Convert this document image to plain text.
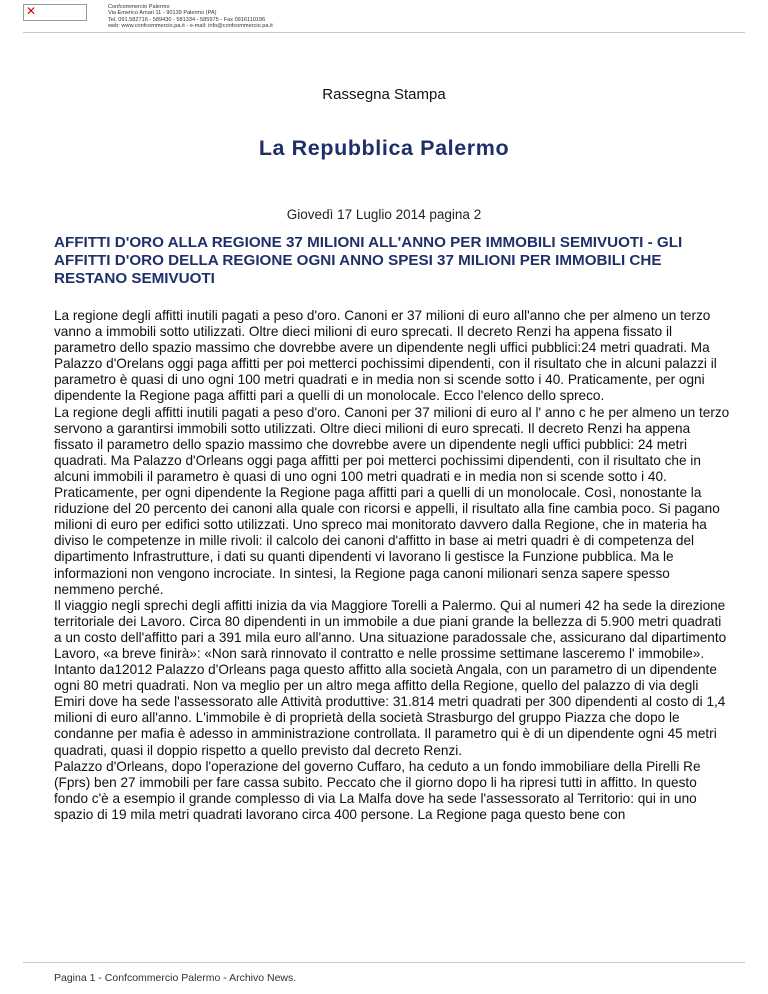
✕	Confcommercio Palermo
Via Emerico Amari 11 - 90139 Palermo (PA)
Tel. 091.582716 - 589430 - 581334 - 585975 - Fax 0916110196
web: www.confcommercio.pa.it - e-mail: info@confcommercio.pa.it
Rassegna Stampa
La Repubblica Palermo
Giovedì 17 Luglio 2014 pagina 2
AFFITTI D'ORO ALLA REGIONE 37 MILIONI ALL'ANNO PER IMMOBILI SEMIVUOTI - GLI AFFITTI D'ORO DELLA REGIONE OGNI ANNO SPESI 37 MILIONI PER IMMOBILI CHE RESTANO SEMIVUOTI

La regione degli affitti inutili pagati a peso d'oro. Canoni er 37 milioni di euro all'anno che per almeno un terzo vanno a immobili sotto utilizzati. Oltre dieci milioni di euro sprecati. Il decreto Renzi ha appena fissato il parametro dello spazio massimo che dovrebbe avere un dipendente negli uffici pubblici:24 metri quadrati. Ma Palazzo d'Orelans oggi paga affitti per poi metterci pochissimi dipendenti, con il risultato che in alcuni palazzi il parametro è quasi di uno ogni 100 metri quadrati e in media non si scende sotto i 40. Praticamente, per ogni dipendente la Regione paga affitti pari a quelli di un monolocale. Ecco l'elenco dello spreco.

La regione degli affitti inutili pagati a peso d'oro. Canoni per 37 milioni di euro al l' anno c he per almeno un terzo servono a garantirsi immobili sotto utilizzati. Oltre dieci milioni di euro sprecati. Il decreto Renzi ha appena fissato il parametro dello spazio massimo che dovrebbe avere un dipendente negli uffici pubblici: 24 metri quadrati. Ma Palazzo d'Orleans oggi paga affitti per poi metterci pochissimi dipendenti, con il risultato che in alcuni immobili il parametro è quasi di uno ogni 100 metri quadrati e in media non si scende sotto i 40. Praticamente, per ogni dipendente la Regione paga affitti pari a quelli di un monolocale. Così, nonostante la riduzione del 20 percento dei canoni alla quale con ricorsi e appelli, il risultato alla fine cambia poco. Si pagano milioni di euro per edifici sotto utilizzati. Uno spreco mai monitorato davvero dalla Regione, che in materia ha diviso le competenze in mille rivoli: il calcolo dei canoni d'affitto in base ai metri quadri è di competenza del dipartimento Infrastrutture, i dati su quanti dipendenti vi lavorano li gestisce la Funzione pubblica. Ma le informazioni non vengono incrociate. In sintesi, la Regione paga canoni milionari senza sapere spesso nemmeno perché.

Il viaggio negli sprechi degli affitti inizia da via Maggiore Torelli a Palermo. Qui al numeri 42 ha sede la direzione territoriale dei Lavoro. Circa 80 dipendenti in un immobile a due piani grande la bellezza di 5.900 metri quadrati a un costo dell'affitto pari a 391 mila euro all'anno. Una situazione paradossale che, assicurano dal dipartimento Lavoro, «a breve finirà»: «Non sarà rinnovato il contratto e nelle prossime settimane lasceremo l' immobile». Intanto da12012 Palazzo d'Orleans paga questo affitto alla società Angala, con un parametro di un dipendente ogni 80 metri quadrati. Non va meglio per un altro mega affitto della Regione, quello del palazzo di via degli Emiri dove ha sede l'assessorato alle Attività produttive: 31.814 metri quadrati per 300 dipendenti al costo di 1,4 milioni di euro all'anno. L'immobile è di proprietà della società Strasburgo del gruppo Piazza che dopo le condanne per mafia è adesso in amministrazione controllata. Il parametro qui è di un dipendente ogni 45 metri quadrati, quasi il doppio rispetto a quello previsto dal decreto Renzi.

Palazzo d'Orleans, dopo l'operazione del governo Cuffaro, ha ceduto a un fondo immobiliare della Pirelli Re (Fprs) ben 27 immobili per fare cassa subito. Peccato che il giorno dopo li ha ripresi tutti in affitto. In questo fondo c'è a esempio il grande complesso di via La Malfa dove ha sede l'assessorato al Territorio: qui in uno spazio di 19 mila metri quadrati lavorano circa 400 persone. La Regione paga questo bene con

Pagina 1 - Confcommercio Palermo - Archivo News.
